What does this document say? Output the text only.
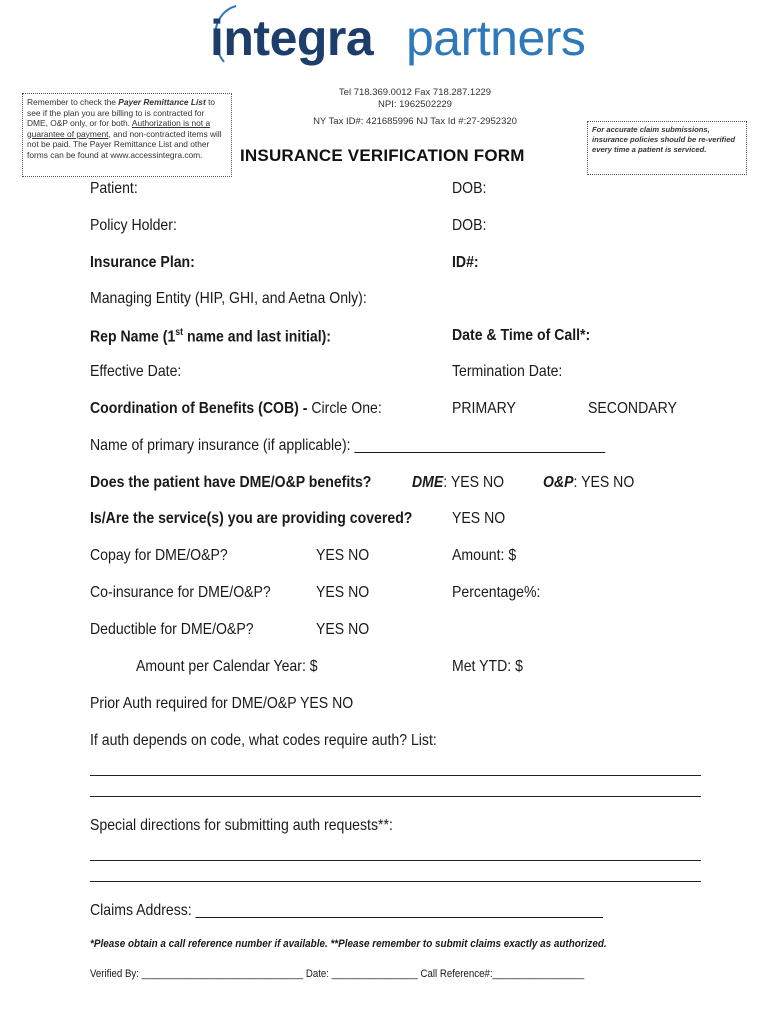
integra partners
Tel 718.369.0012 Fax 718.287.1229
NPI: 1962502229
NY Tax ID#: 421685996 NJ Tax Id #:27-2952320
Remember to check the Payer Remittance List to see if the plan you are billing to is contracted for DME, O&P only, or for both. Authorization is not a guarantee of payment, and non-contracted items will not be paid. The Payer Remittance List and other forms can be found at www.accessintegra.com.
For accurate claim submissions, insurance policies should be re-verified every time a patient is serviced.
INSURANCE VERIFICATION FORM
Patient:	DOB:
Policy Holder:	DOB:
Insurance Plan:	ID#:
Managing Entity (HIP, GHI, and Aetna Only):
Rep Name (1st name and last initial):	Date & Time of Call*:
Effective Date:	Termination Date:
Coordination of Benefits (COB) - Circle One:	PRIMARY	SECONDARY
Name of primary insurance (if applicable): ________________________________
Does the patient have DME/O&P benefits?	DME: YES NO O&P: YES NO
Is/Are the service(s) you are providing covered? YES NO
Copay for DME/O&P?	YES NO	Amount: $
Co-insurance for DME/O&P?	YES NO	Percentage%:
Deductible for DME/O&P?	YES NO
Amount per Calendar Year: $	Met YTD: $
Prior Auth required for DME/O&P YES NO
If auth depends on code, what codes require auth? List:
Special directions for submitting auth requests**:
Claims Address: ____________________________________________________
*Please obtain a call reference number if available. **Please remember to submit claims exactly as authorized.
Verified By: ______________________________ Date: ________________ Call Reference#:_________________
